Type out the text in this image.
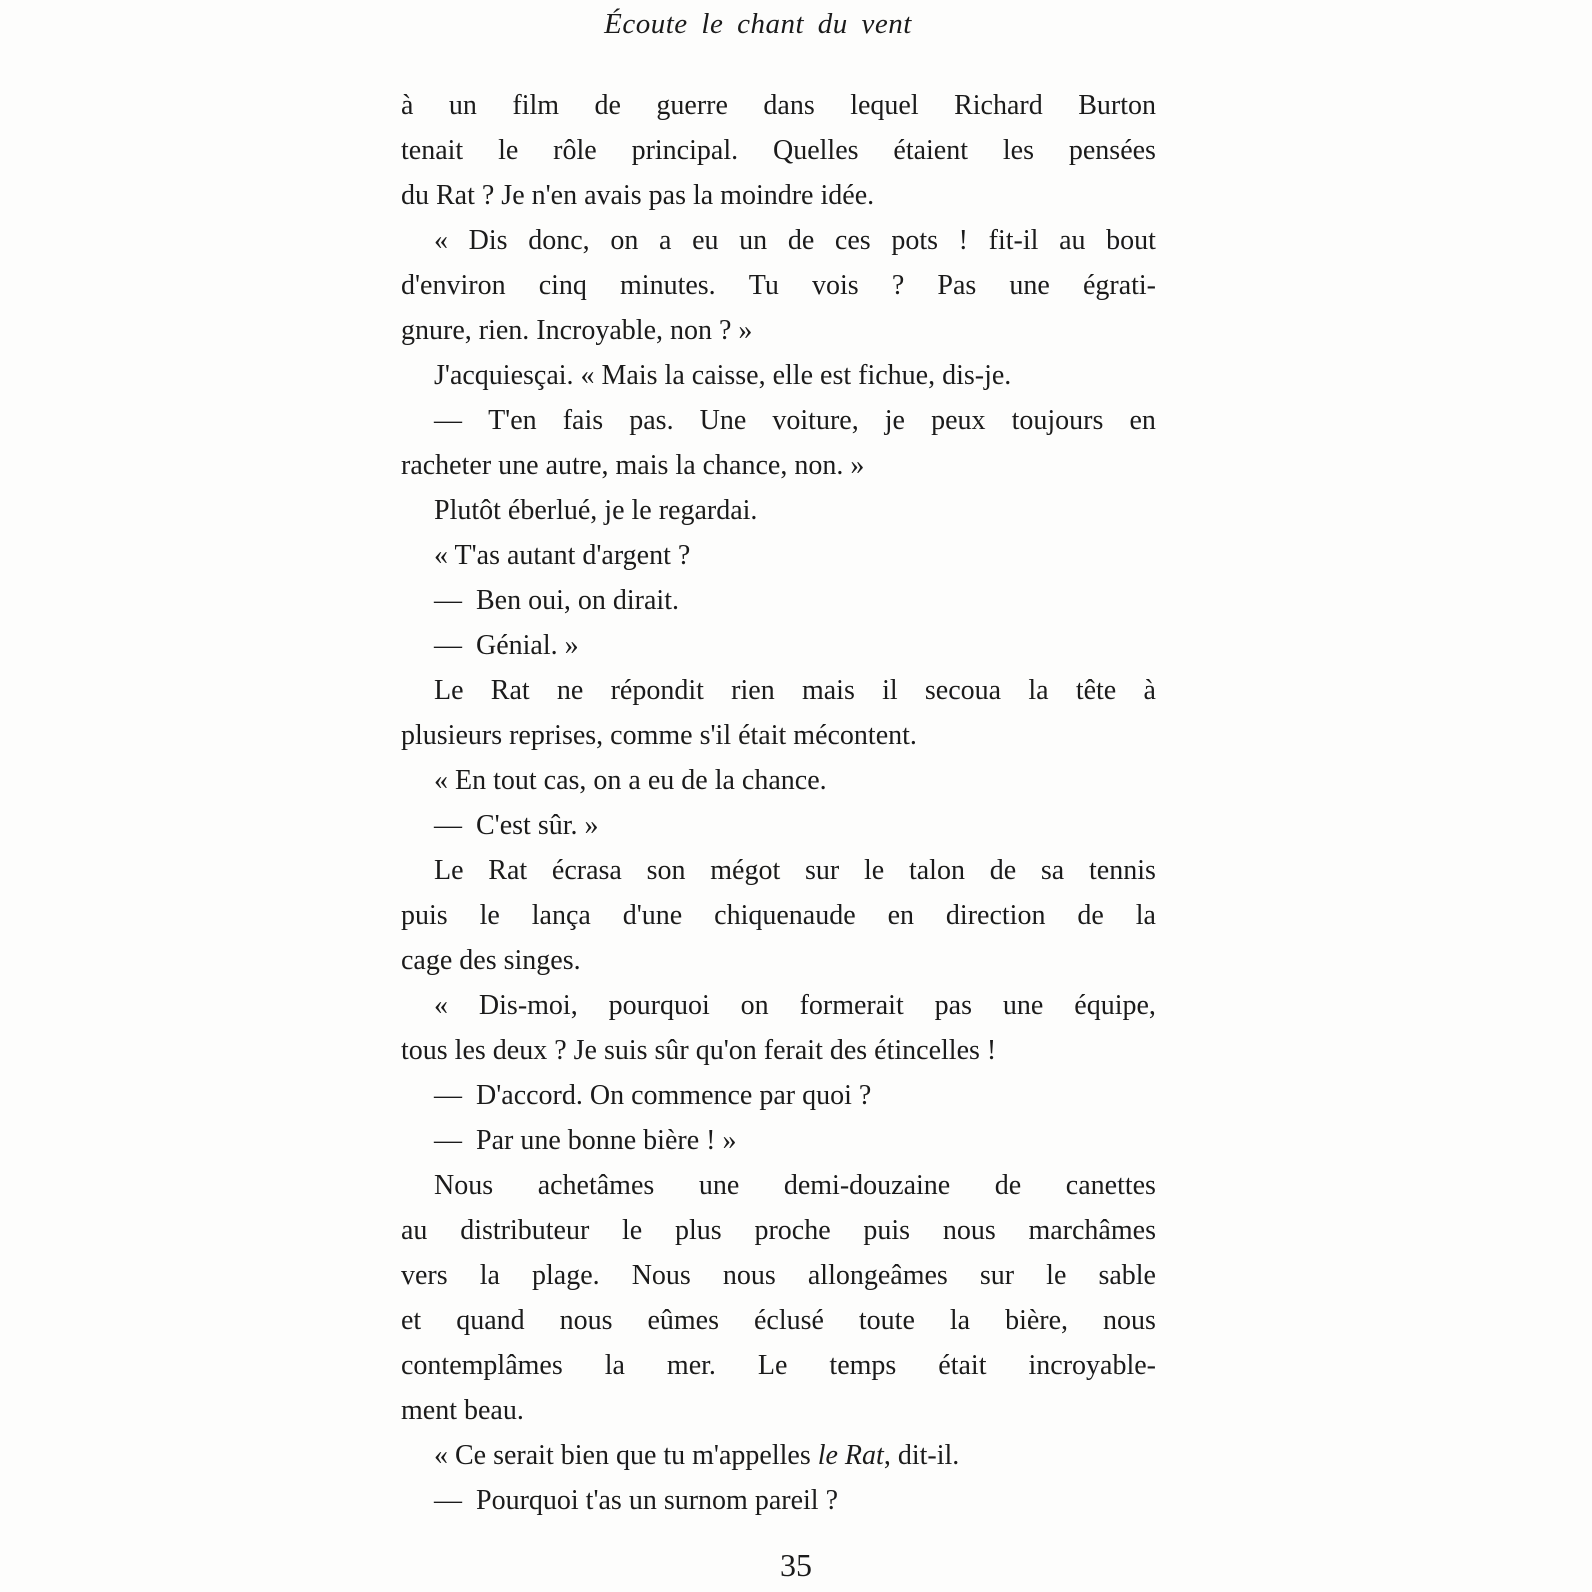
Écoute le chant du vent
à un film de guerre dans lequel Richard Burton
tenait le rôle principal. Quelles étaient les pensées
du Rat ? Je n'en avais pas la moindre idée.
« Dis donc, on a eu un de ces pots ! fit-il au bout
d'environ cinq minutes. Tu vois ? Pas une égrati-
gnure, rien. Incroyable, non ? »
J'acquiesçai. « Mais la caisse, elle est fichue, dis-je.
— T'en fais pas. Une voiture, je peux toujours en
racheter une autre, mais la chance, non. »
Plutôt éberlué, je le regardai.
« T'as autant d'argent ?
— Ben oui, on dirait.
— Génial. »
Le Rat ne répondit rien mais il secoua la tête à
plusieurs reprises, comme s'il était mécontent.
« En tout cas, on a eu de la chance.
— C'est sûr. »
Le Rat écrasa son mégot sur le talon de sa tennis
puis le lança d'une chiquenaude en direction de la
cage des singes.
« Dis-moi, pourquoi on formerait pas une équipe,
tous les deux ? Je suis sûr qu'on ferait des étincelles !
— D'accord. On commence par quoi ?
— Par une bonne bière ! »
Nous achetâmes une demi-douzaine de canettes
au distributeur le plus proche puis nous marchâmes
vers la plage. Nous nous allongeâmes sur le sable
et quand nous eûmes éclusé toute la bière, nous
contemplâmes la mer. Le temps était incroyable-
ment beau.
« Ce serait bien que tu m'appelles le Rat, dit-il.
— Pourquoi t'as un surnom pareil ?
35
